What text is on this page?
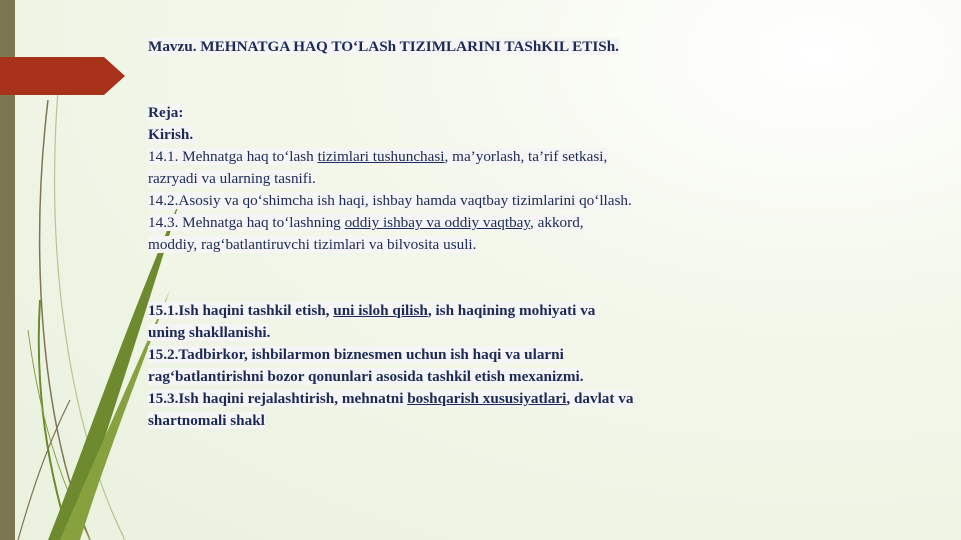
Mavzu. MEHNATGA HAQ TO‘LASh TIZIMLARINI TAShKIL ETISh.
Reja:
Kirish.
14.1. Mehnatga haq to‘lash tizimlari tushunchasi, ma’yorlash, ta’rif setkasi,
razryadi va ularning tasnifi.
14.2.Asosiy va qo‘shimcha ish haqi, ishbay hamda vaqtbay tizimlarini qo‘llash.
14.3. Mehnatga haq to‘lashning oddiy ishbay va oddiy vaqtbay, akkord,
moddiy, rag‘batlantiruvchi tizimlari va bilvosita usuli.
15.1.Ish haqini tashkil etish, uni isloh qilish, ish haqining mohiyati va
uning shakllanishi.
15.2.Tadbirkor, ishbilarmon biznesmen uchun ish haqi va ularni
rag‘batlantirishni bozor qonunlari asosida tashkil etish mexanizmi.
15.3.Ish haqini rejalashtirish, mehnatni boshqarish xususiyatlari, davlat va
shartnomali shakl
